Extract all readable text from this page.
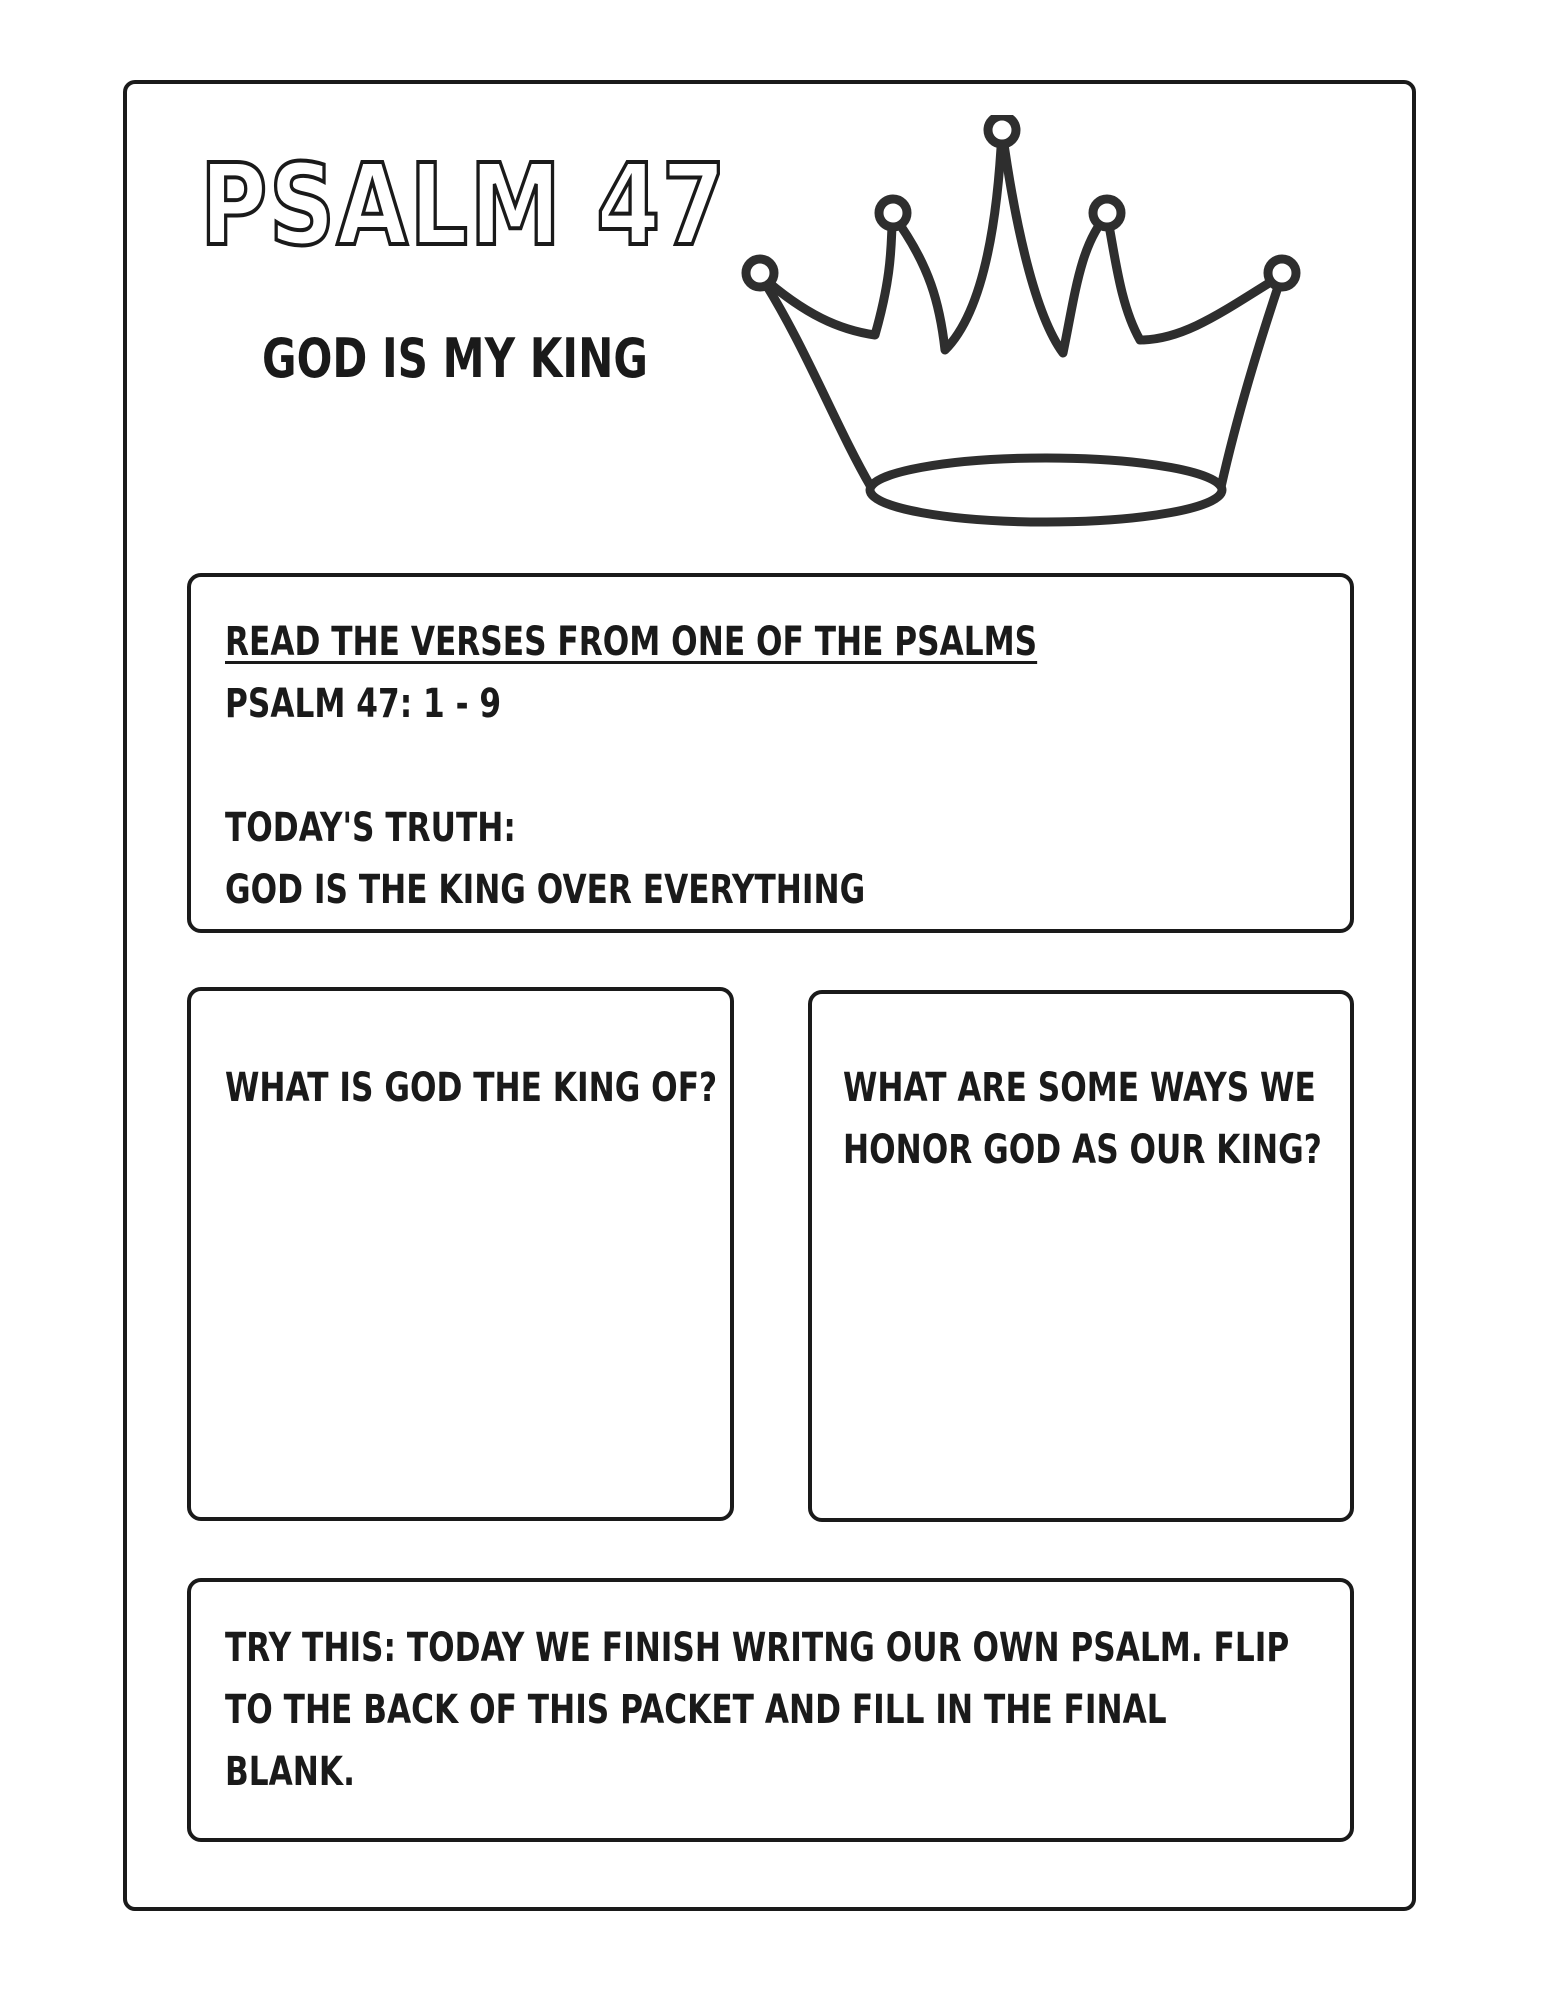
PSALM 47
GOD IS MY KING
READ THE VERSES FROM ONE OF THE PSALMS
PSALM 47: 1 - 9
TODAY'S TRUTH:
GOD IS THE KING OVER EVERYTHING
WHAT IS GOD THE KING OF?	WHAT ARE SOME WAYS WE
HONOR GOD AS OUR KING?
TRY THIS: TODAY WE FINISH WRITNG OUR OWN PSALM. FLIP
TO THE BACK OF THIS PACKET AND FILL IN THE FINAL
BLANK.
